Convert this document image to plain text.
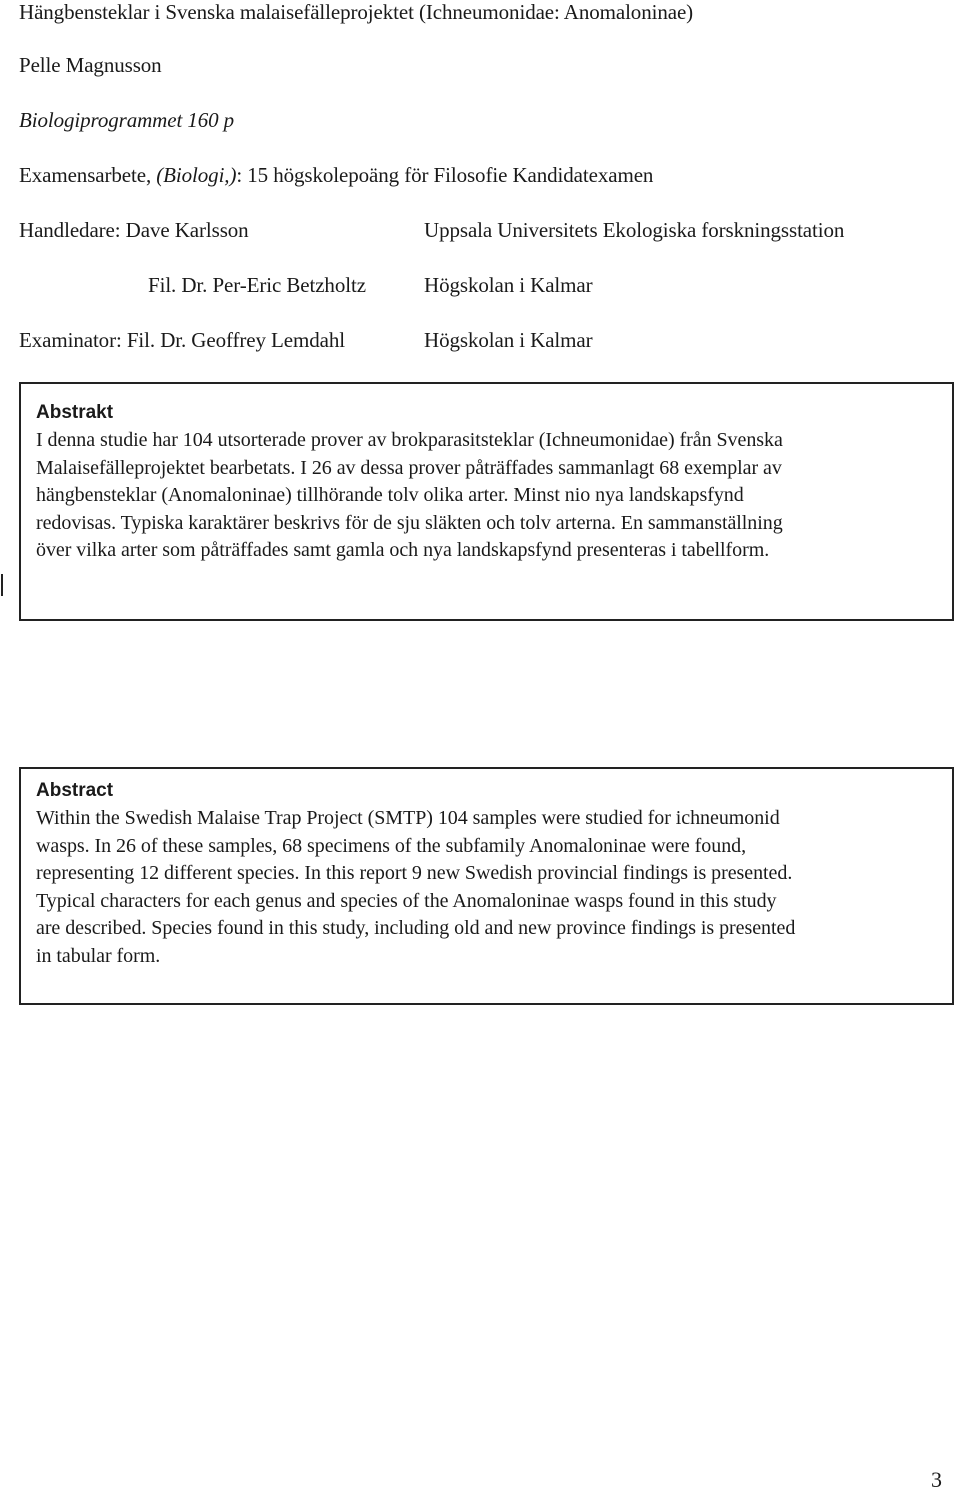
Hängbensteklar i Svenska malaisefälleprojektet (Ichneumonidae: Anomaloninae)
Pelle Magnusson
Biologiprogrammet 160 p
Examensarbete, (Biologi,): 15 högskolepoäng för Filosofie Kandidatexamen
Handledare: Dave Karlsson	Uppsala Universitets Ekologiska forskningsstation
Fil. Dr. Per-Eric Betzholtz	Högskolan i Kalmar
Examinator: Fil. Dr. Geoffrey Lemdahl	Högskolan i Kalmar
Abstrakt
I denna studie har 104 utsorterade prover av brokparasitsteklar (Ichneumonidae) från Svenska
Malaisefälleprojektet bearbetats. I 26 av dessa prover påträffades sammanlagt 68 exemplar av
hängbensteklar (Anomaloninae) tillhörande tolv olika arter. Minst nio nya landskapsfynd
redovisas. Typiska karaktärer beskrivs för de sju släkten och tolv arterna. En sammanställning
över vilka arter som påträffades samt gamla och nya landskapsfynd presenteras i tabellform.
Abstract
Within the Swedish Malaise Trap Project (SMTP) 104 samples were studied for ichneumonid
wasps. In 26 of these samples, 68 specimens of the subfamily Anomaloninae were found,
representing 12 different species. In this report 9 new Swedish provincial findings is presented.
Typical characters for each genus and species of the Anomaloninae wasps found in this study
are described. Species found in this study, including old and new province findings is presented
in tabular form.
3
